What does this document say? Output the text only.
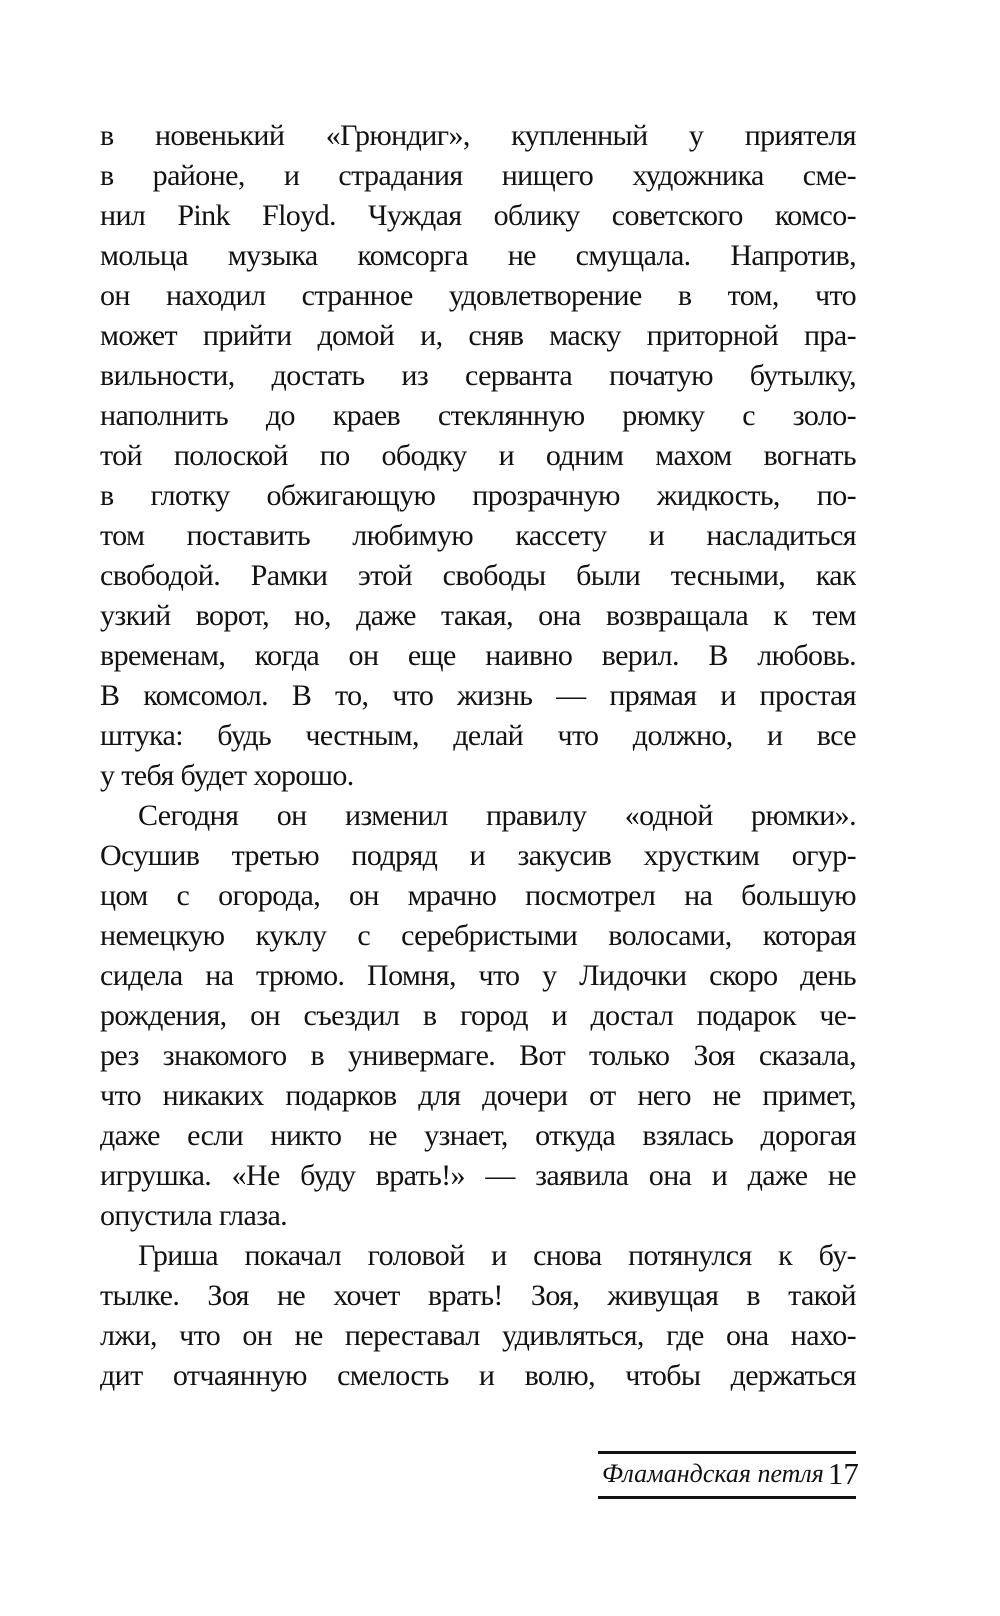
в новенький «Грюндиг», купленный у приятеля
в районе, и страдания нищего художника сме-
нил Pink Floyd. Чуждая облику советского комсо-
мольца музыка комсорга не смущала. Напротив,
он находил странное удовлетворение в том, что
может прийти домой и, сняв маску приторной пра-
вильности, достать из серванта початую бутылку,
наполнить до краев стеклянную рюмку с золо-
той полоской по ободку и одним махом вогнать
в глотку обжигающую прозрачную жидкость, по-
том поставить любимую кассету и насладиться
свободой. Рамки этой свободы были тесными, как
узкий ворот, но, даже такая, она возвращала к тем
временам, когда он еще наивно верил. В любовь.
В комсомол. В то, что жизнь — прямая и простая
штука: будь честным, делай что должно, и все
у тебя будет хорошо.
Сегодня он изменил правилу «одной рюмки».
Осушив третью подряд и закусив хрустким огур-
цом с огорода, он мрачно посмотрел на большую
немецкую куклу с серебристыми волосами, которая
сидела на трюмо. Помня, что у Лидочки скоро день
рождения, он съездил в город и достал подарок че-
рез знакомого в универмаге. Вот только Зоя сказала,
что никаких подарков для дочери от него не примет,
даже если никто не узнает, откуда взялась дорогая
игрушка. «Не буду врать!» — заявила она и даже не
опустила глаза.
Гриша покачал головой и снова потянулся к бу-
тылке. Зоя не хочет врать! Зоя, живущая в такой
лжи, что он не переставал удивляться, где она нахо-
дит отчаянную смелость и волю, чтобы держаться
Фламандская петля 17
